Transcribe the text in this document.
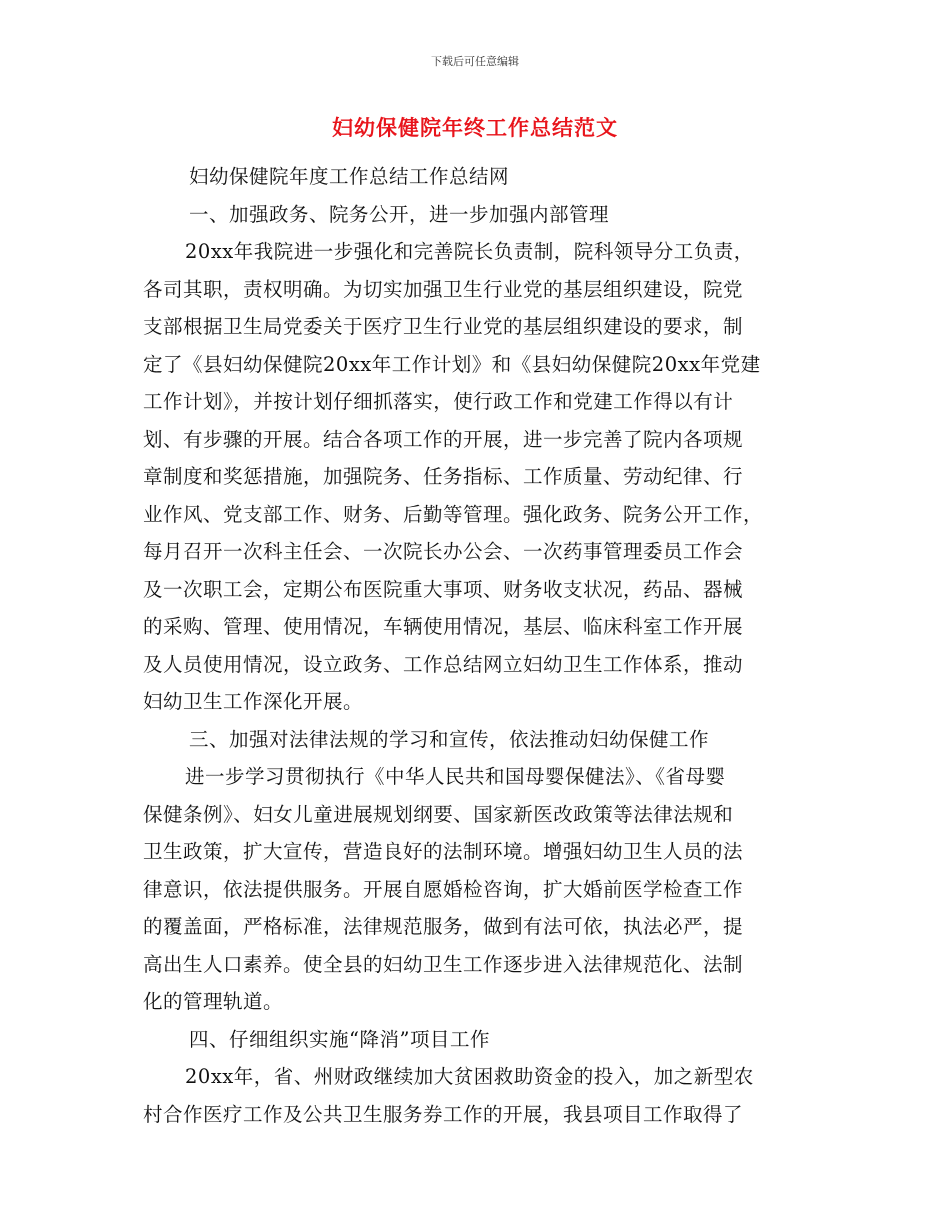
下载后可任意编辑
妇幼保健院年终工作总结范文
妇幼保健院年度工作总结工作总结网
一、加强政务、院务公开，进一步加强内部管理
20xx年我院进一步强化和完善院长负责制，院科领导分工负责，
各司其职，责权明确。为切实加强卫生行业党的基层组织建设，院党
支部根据卫生局党委关于医疗卫生行业党的基层组织建设的要求，制
定了《县妇幼保健院20xx年工作计划》和《县妇幼保健院20xx年党建
工作计划》，并按计划仔细抓落实，使行政工作和党建工作得以有计
划、有步骤的开展。结合各项工作的开展，进一步完善了院内各项规
章制度和奖惩措施，加强院务、任务指标、工作质量、劳动纪律、行
业作风、党支部工作、财务、后勤等管理。强化政务、院务公开工作，
每月召开一次科主任会、一次院长办公会、一次药事管理委员工作会
及一次职工会，定期公布医院重大事项、财务收支状况，药品、器械
的采购、管理、使用情况，车辆使用情况，基层、临床科室工作开展
及人员使用情况，设立政务、工作总结网立妇幼卫生工作体系，推动
妇幼卫生工作深化开展。
三、加强对法律法规的学习和宣传，依法推动妇幼保健工作
进一步学习贯彻执行《中华人民共和国母婴保健法》、《省母婴
保健条例》、妇女儿童进展规划纲要、国家新医改政策等法律法规和
卫生政策，扩大宣传，营造良好的法制环境。增强妇幼卫生人员的法
律意识，依法提供服务。开展自愿婚检咨询，扩大婚前医学检查工作
的覆盖面，严格标准，法律规范服务，做到有法可依，执法必严，提
高出生人口素养。使全县的妇幼卫生工作逐步进入法律规范化、法制
化的管理轨道。
四、仔细组织实施“降消”项目工作
20xx年，省、州财政继续加大贫困救助资金的投入，加之新型农
村合作医疗工作及公共卫生服务券工作的开展，我县项目工作取得了
